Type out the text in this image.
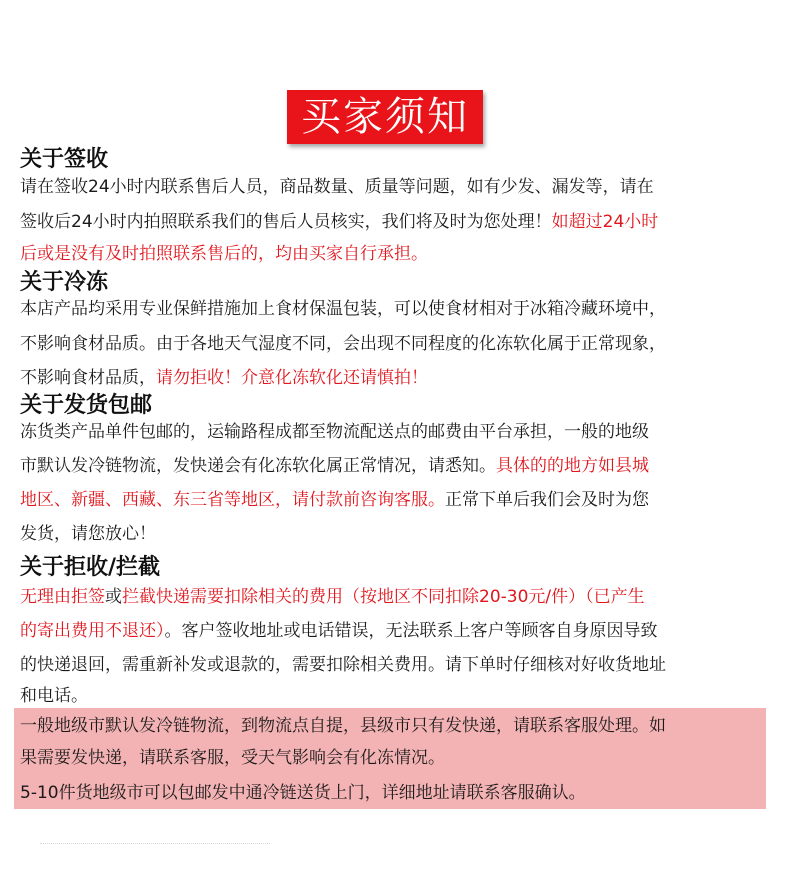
买家须知
关于签收
请在签收24小时内联系售后人员，商品数量、质量等问题，如有少发、漏发等，请在
签收后24小时内拍照联系我们的售后人员核实，我们将及时为您处理！如超过24小时
后或是没有及时拍照联系售后的，均由买家自行承担。
关于冷冻
本店产品均采用专业保鲜措施加上食材保温包装，可以使食材相对于冰箱冷藏环境中，
不影响食材品质。由于各地天气湿度不同，会出现不同程度的化冻软化属于正常现象，
不影响食材品质，请勿拒收！介意化冻软化还请慎拍！
关于发货包邮
冻货类产品单件包邮的，运输路程成都至物流配送点的邮费由平台承担，一般的地级
市默认发冷链物流，发快递会有化冻软化属正常情况，请悉知。具体的的地方如县城
地区、新疆、西藏、东三省等地区，请付款前咨询客服。正常下单后我们会及时为您
发货，请您放心！
关于拒收/拦截
无理由拒签或拦截快递需要扣除相关的费用（按地区不同扣除20-30元/件）（已产生
的寄出费用不退还）。客户签收地址或电话错误，无法联系上客户等顾客自身原因导致
的快递退回，需重新补发或退款的，需要扣除相关费用。请下单时仔细核对好收货地址
和电话。
一般地级市默认发冷链物流，到物流点自提，县级市只有发快递，请联系客服处理。如
果需要发快递，请联系客服，受天气影响会有化冻情况。
5-10件货地级市可以包邮发中通冷链送货上门，详细地址请联系客服确认。
